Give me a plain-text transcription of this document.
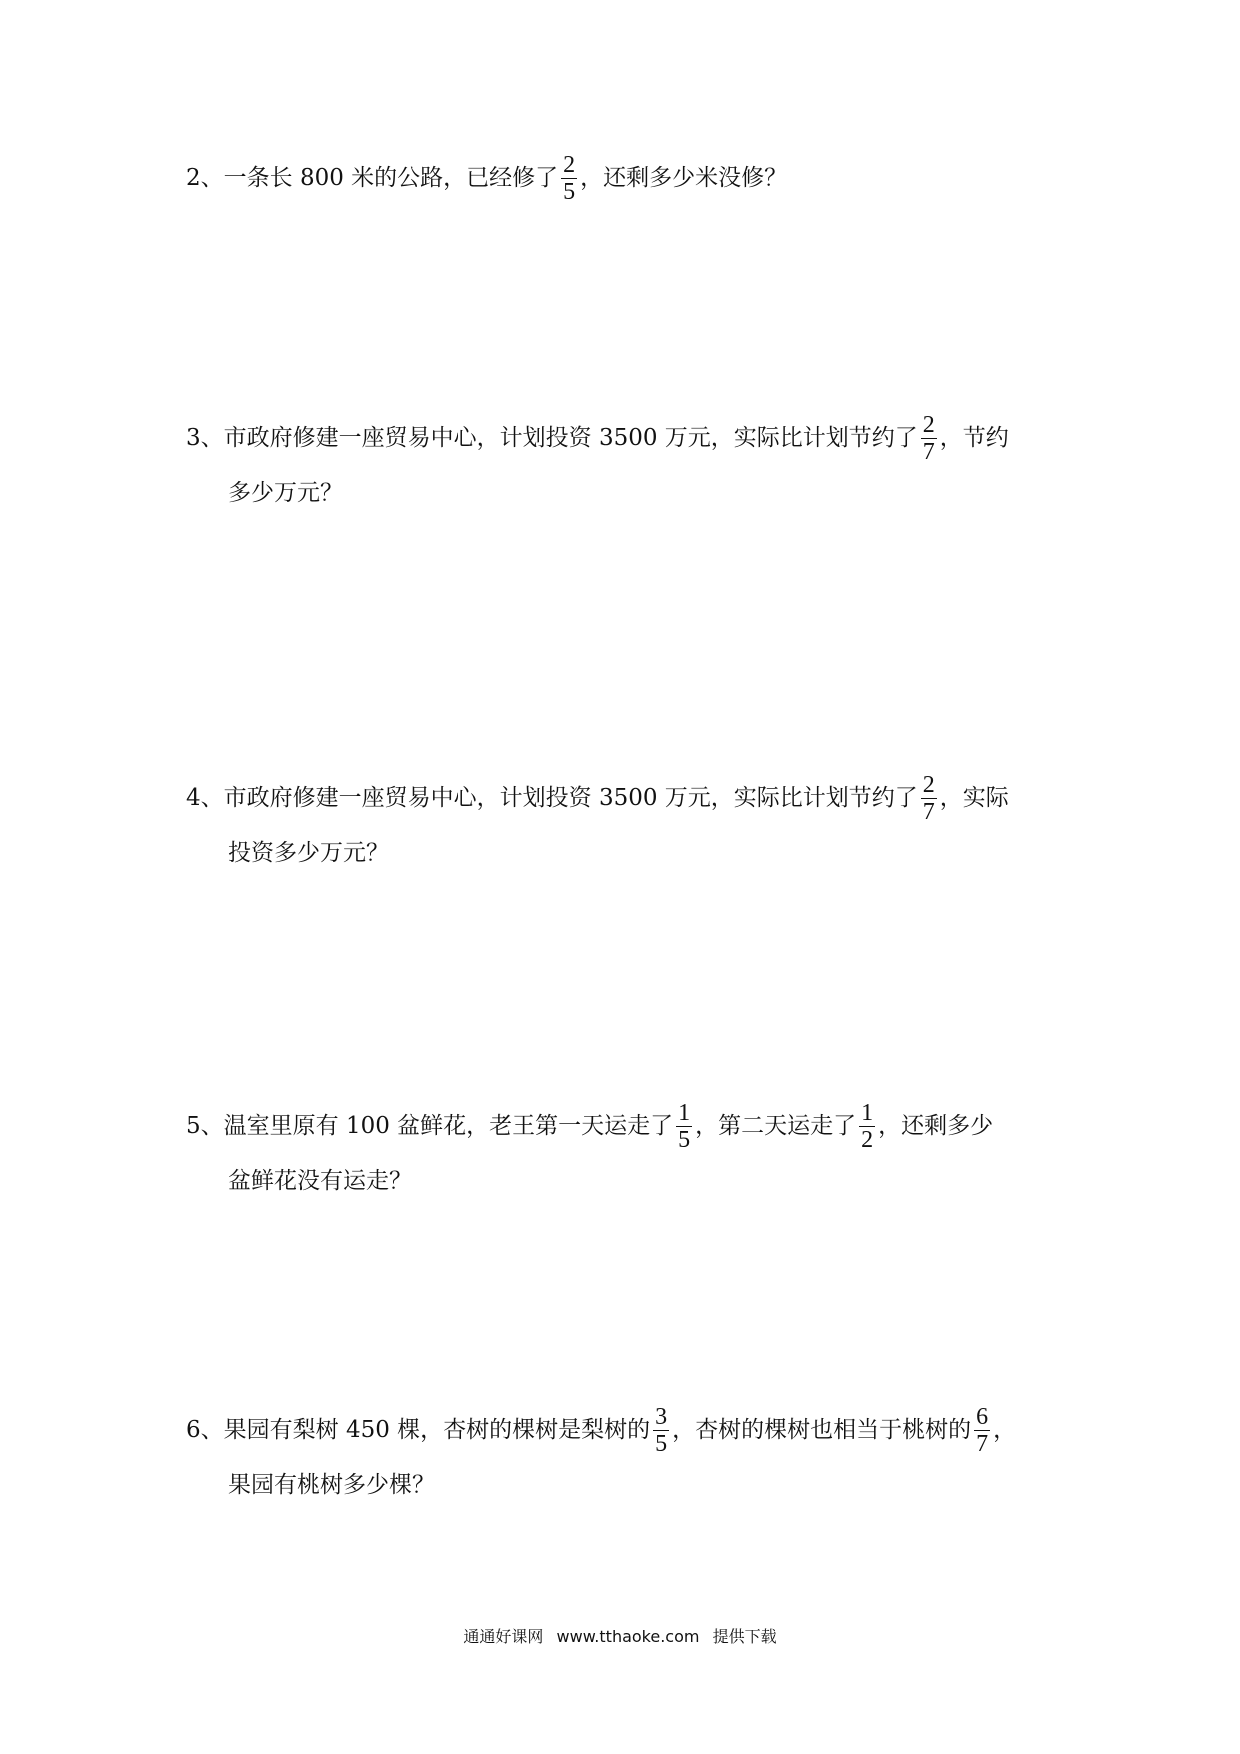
2、一条长 800 米的公路，已经修了 $\frac{2}{5}$ ，还剩多少米没修？
3、市政府修建一座贸易中心，计划投资 3500 万元，实际比计划节约了 $\frac{2}{7}$ ，节约
多少万元？
4、市政府修建一座贸易中心，计划投资 3500 万元，实际比计划节约了 $\frac{2}{7}$ ，实际
投资多少万元？
5、温室里原有 100 盆鲜花，老王第一天运走了 $\frac{1}{5}$ ，第二天运走了 $\frac{1}{2}$ ，还剩多少
盆鲜花没有运走？
6、果园有梨树 450 棵，杏树的棵树是梨树的 $\frac{3}{5}$ ，杏树的棵树也相当于桃树的 $\frac{6}{7}$ ，
果园有桃树多少棵？
通通好课网 www.tthaoke.com 提供下载
